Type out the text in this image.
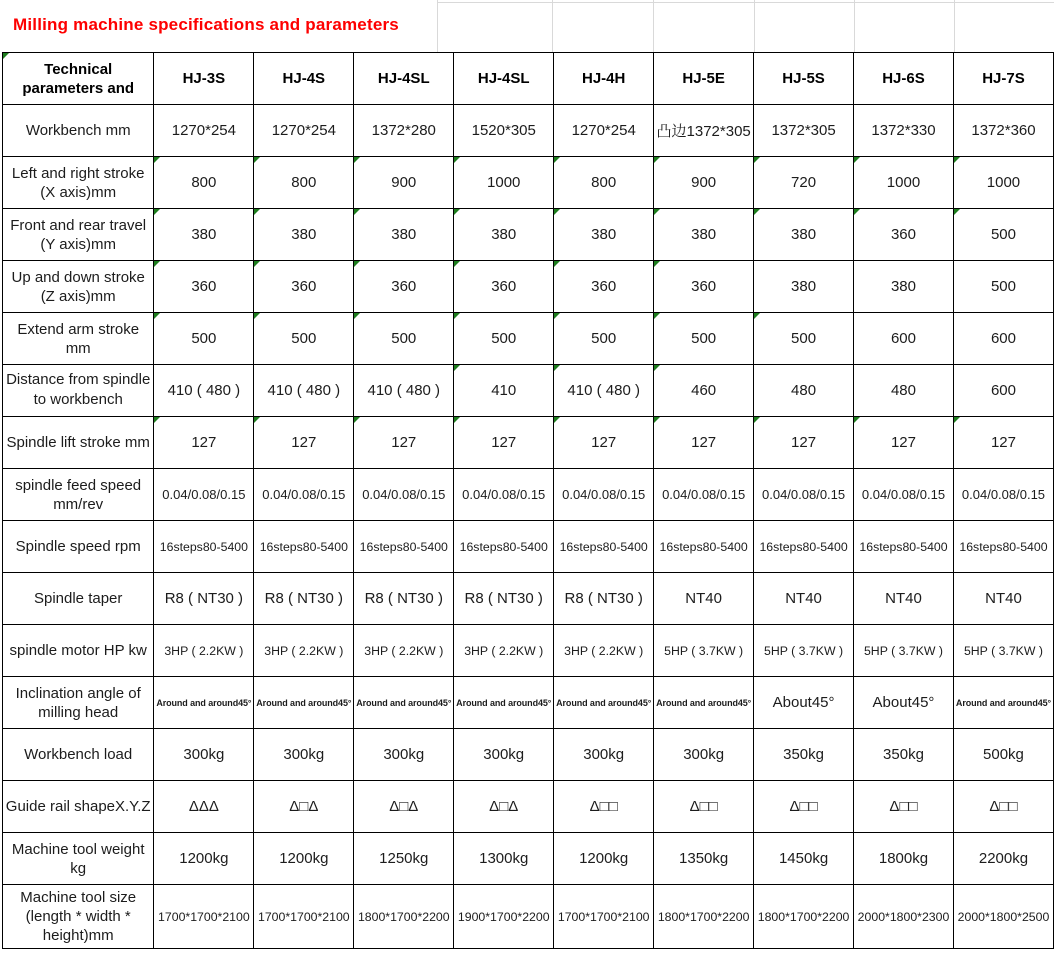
Milling machine specifications and parameters
Technical parameters and	HJ-3S	HJ-4S	HJ-4SL	HJ-4SL	HJ-4H	HJ-5E	HJ-5S	HJ-6S	HJ-7S

Workbench mm	1270*254	1270*254	1372*280	1520*305	1270*254	凸边1372*305	1372*305	1372*330	1372*360

Left and right stroke (X axis)mm	800	800	900	1000	800	900	720	1000	1000

Front and rear travel (Y axis)mm	380	380	380	380	380	380	380	360	500

Up and down stroke (Z axis)mm	360	360	360	360	360	360	380	380	500

Extend arm stroke mm	500	500	500	500	500	500	500	600	600

Distance from spindle to workbench	410 ( 480 )	410 ( 480 )	410 ( 480 )	410	410 ( 480 )	460	480	480	600

Spindle lift stroke mm	127	127	127	127	127	127	127	127	127

spindle feed speed mm/rev	0.04/0.08/0.15	0.04/0.08/0.15	0.04/0.08/0.15	0.04/0.08/0.15	0.04/0.08/0.15	0.04/0.08/0.15	0.04/0.08/0.15	0.04/0.08/0.15	0.04/0.08/0.15

Spindle speed rpm	16steps80-5400	16steps80-5400	16steps80-5400	16steps80-5400	16steps80-5400	16steps80-5400	16steps80-5400	16steps80-5400	16steps80-5400

Spindle taper	R8 ( NT30 )	R8 ( NT30 )	R8 ( NT30 )	R8 ( NT30 )	R8 ( NT30 )	NT40	NT40	NT40	NT40

spindle motor HP kw	3HP ( 2.2KW )	3HP ( 2.2KW )	3HP ( 2.2KW )	3HP ( 2.2KW )	3HP ( 2.2KW )	5HP ( 3.7KW )	5HP ( 3.7KW )	5HP ( 3.7KW )	5HP ( 3.7KW )

Inclination angle of milling head	Around and around45°	Around and around45°	Around and around45°	Around and around45°	Around and around45°	Around and around45°	About45°	About45°	Around and around45°

Workbench load	300kg	300kg	300kg	300kg	300kg	300kg	350kg	350kg	500kg

Guide rail shapeX.Y.Z	ΔΔΔ	Δ□Δ	Δ□Δ	Δ□Δ	Δ□□	Δ□□	Δ□□	Δ□□	Δ□□

Machine tool weight kg	1200kg	1200kg	1250kg	1300kg	1200kg	1350kg	1450kg	1800kg	2200kg

Machine tool size (length * width * height)mm	1700*1700*2100	1700*1700*2100	1800*1700*2200	1900*1700*2200	1700*1700*2100	1800*1700*2200	1800*1700*2200	2000*1800*2300	2000*1800*2500
